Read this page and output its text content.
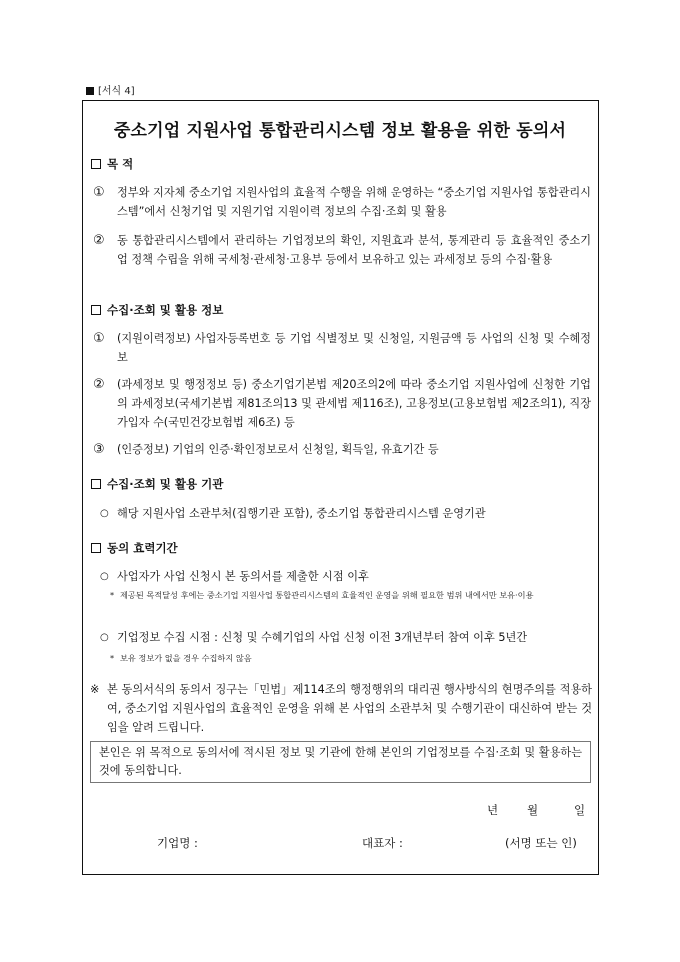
[서식 4]
중소기업 지원사업 통합관리시스템 정보 활용을 위한 동의서
목 적
① 정부와 지자체 중소기업 지원사업의 효율적 수행을 위해 운영하는 “중소기업 지원사업 통합관리시스템”에서 신청기업 및 지원기업 지원이력 정보의 수집·조회 및 활용
② 동 통합관리시스템에서 관리하는 기업정보의 확인, 지원효과 분석, 통계관리 등 효율적인 중소기업 정책 수립을 위해 국세청·관세청·고용부 등에서 보유하고 있는 과세정보 등의 수집·활용
수집·조회 및 활용 정보
① (지원이력정보) 사업자등록번호 등 기업 식별정보 및 신청일, 지원금액 등 사업의 신청 및 수혜정보
② (과세정보 및 행정정보 등) 중소기업기본법 제20조의2에 따라 중소기업 지원사업에 신청한 기업의 과세정보(국세기본법 제81조의13 및 관세법 제116조), 고용정보(고용보험법 제2조의1), 직장가입자 수(국민건강보험법 제6조) 등
③ (인증정보) 기업의 인증·확인정보로서 신청일, 획득일, 유효기간 등
수집·조회 및 활용 기관
○ 해당 지원사업 소관부처(집행기관 포함), 중소기업 통합관리시스템 운영기관
동의 효력기간
○ 사업자가 사업 신청시 본 동의서를 제출한 시점 이후
* 제공된 목적달성 후에는 중소기업 지원사업 통합관리시스템의 효율적인 운영을 위해 필요한 범위 내에서만 보유·이용
○ 기업정보 수집 시점 : 신청 및 수혜기업의 사업 신청 이전 3개년부터 참여 이후 5년간
* 보유 정보가 없을 경우 수집하지 않음
※ 본 동의서식의 동의서 징구는「민법」제114조의 행정행위의 대리권 행사방식의 현명주의를 적용하여, 중소기업 지원사업의 효율적인 운영을 위해 본 사업의 소관부처 및 수행기관이 대신하여 받는 것임을 알려 드립니다.
본인은 위 목적으로 동의서에 적시된 정보 및 기관에 한해 본인의 기업정보를 수집·조회 및 활용하는 것에 동의합니다.
년	월	일
기업명 :	대표자 :	(서명 또는 인)
